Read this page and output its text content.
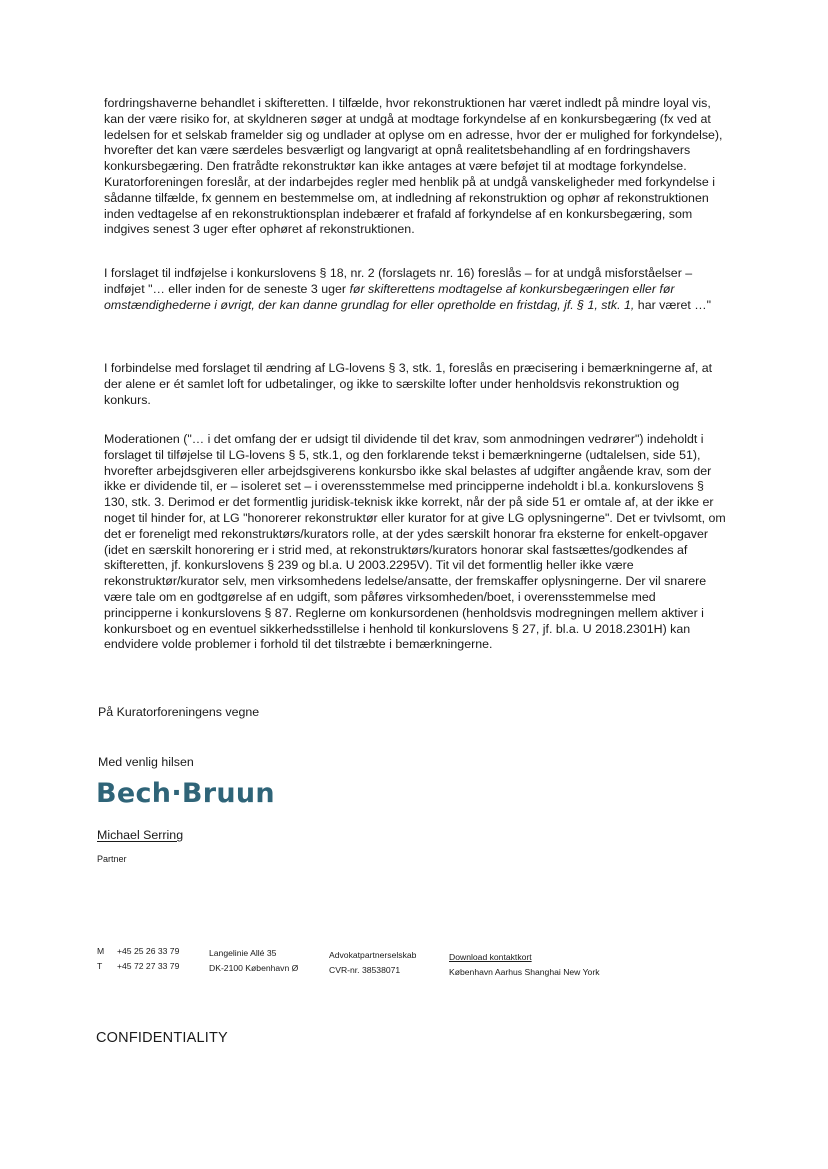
fordringshaverne behandlet i skifteretten. I tilfælde, hvor rekonstruktionen har været indledt på mindre loyal vis, kan der være risiko for, at skyldneren søger at undgå at modtage forkyndelse af en konkursbegæring (fx ved at ledelsen for et selskab framelder sig og undlader at oplyse om en adresse, hvor der er mulighed for forkyndelse), hvorefter det kan være særdeles besværligt og langvarigt at opnå realitetsbehandling af en fordringshavers konkursbegæring. Den fratrådte rekonstruktør kan ikke antages at være beføjet til at modtage forkyndelse. Kuratorforeningen foreslår, at der indarbejdes regler med henblik på at undgå vanskeligheder med forkyndelse i sådanne tilfælde, fx gennem en bestemmelse om, at indledning af rekonstruktion og ophør af rekonstruktionen inden vedtagelse af en rekonstruktionsplan indebærer et frafald af forkyndelse af en konkursbegæring, som indgives senest 3 uger efter ophøret af rekonstruktionen.

I forslaget til indføjelse i konkurslovens § 18, nr. 2 (forslagets nr. 16) foreslås – for at undgå misforståelser – indføjet "… eller inden for de seneste 3 uger før skifterettens modtagelse af konkursbegæringen eller før omstændighederne i øvrigt, der kan danne grundlag for eller opretholde en fristdag, jf. § 1, stk. 1, har været …"

I forbindelse med forslaget til ændring af LG-lovens § 3, stk. 1, foreslås en præcisering i bemærkningerne af, at der alene er ét samlet loft for udbetalinger, og ikke to særskilte lofter under henholdsvis rekonstruktion og konkurs.

Moderationen ("… i det omfang der er udsigt til dividende til det krav, som anmodningen vedrører") indeholdt i forslaget til tilføjelse til LG-lovens § 5, stk.1, og den forklarende tekst i bemærkningerne (udtalelsen, side 51), hvorefter arbejdsgiveren eller arbejdsgiverens konkursbo ikke skal belastes af udgifter angående krav, som der ikke er dividende til, er – isoleret set – i overensstemmelse med principperne indeholdt i bl.a. konkurslovens § 130, stk. 3. Derimod er det formentlig juridisk-teknisk ikke korrekt, når der på side 51 er omtale af, at der ikke er noget til hinder for, at LG "honorerer rekonstruktør eller kurator for at give LG oplysningerne". Det er tvivlsomt, om det er foreneligt med rekonstruktørs/kurators rolle, at der ydes særskilt honorar fra eksterne for enkelt-opgaver (idet en særskilt honorering er i strid med, at rekonstruktørs/kurators honorar skal fastsættes/godkendes af skifteretten, jf. konkurslovens § 239 og bl.a. U 2003.2295V). Tit vil det formentlig heller ikke være rekonstruktør/kurator selv, men virksomhedens ledelse/ansatte, der fremskaffer oplysningerne. Der vil snarere være tale om en godtgørelse af en udgift, som påføres virksomheden/boet, i overensstemmelse med principperne i konkurslovens § 87. Reglerne om konkursordenen (henholdsvis modregningen mellem aktiver i konkursboet og en eventuel sikkerhedsstillelse i henhold til konkurslovens § 27, jf. bl.a. U 2018.2301H) kan endvidere volde problemer i forhold til det tilstræbte i bemærkningerne.

På Kuratorforeningens vegne
Med venlig hilsen
Bech·Bruun
Michael Serring
Partner
M
T
+45 25 26 33 79
+45 72 27 33 79
Langelinie Allé 35
DK-2100 København Ø
Advokatpartnerselskab
CVR-nr. 38538071
Download kontaktkort
København Aarhus Shanghai New York
CONFIDENTIALITY
